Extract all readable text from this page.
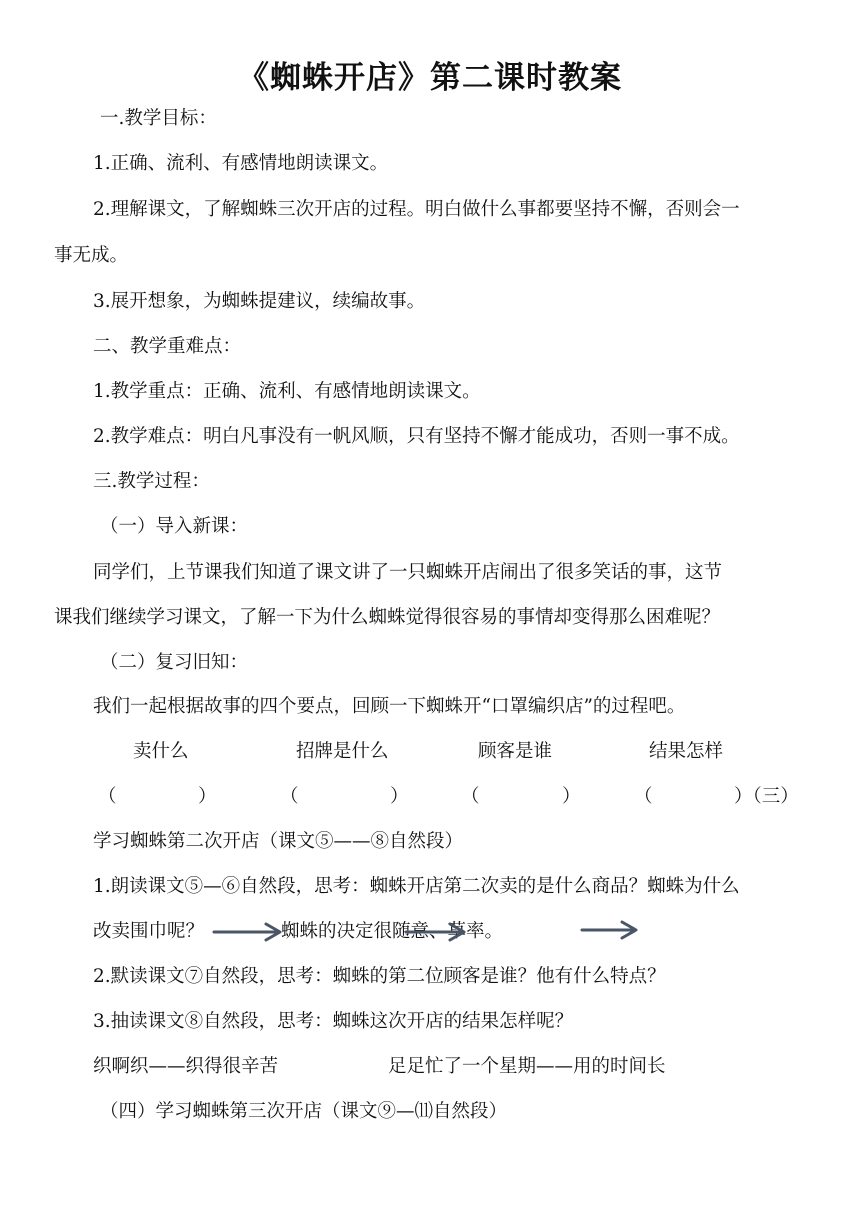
《蜘蛛开店》第二课时教案
一.教学目标：
1.正确、流利、有感情地朗读课文。
2.理解课文，了解蜘蛛三次开店的过程。明白做什么事都要坚持不懈，否则会一
事无成。
3.展开想象，为蜘蛛提建议，续编故事。
二、教学重难点：
1.教学重点：正确、流利、有感情地朗读课文。
2.教学难点：明白凡事没有一帆风顺，只有坚持不懈才能成功，否则一事不成。
三.教学过程：
（一）导入新课：
同学们，上节课我们知道了课文讲了一只蜘蛛开店闹出了很多笑话的事，这节
课我们继续学习课文，了解一下为什么蜘蛛觉得很容易的事情却变得那么困难呢？
（二）复习旧知：
我们一起根据故事的四个要点，回顾一下蜘蛛开“口罩编织店”的过程吧。
卖什么	招牌是什么	顾客是谁	结果怎样
（	）	（	）	（	）	（	）（三）
学习蜘蛛第二次开店（课文⑤——⑧自然段）
1.朗读课文⑤—⑥自然段，思考：蜘蛛开店第二次卖的是什么商品？蜘蛛为什么
改卖围巾呢？	蜘蛛的决定很随意、草率。
2.默读课文⑦自然段，思考：蜘蛛的第二位顾客是谁？他有什么特点？
3.抽读课文⑧自然段，思考：蜘蛛这次开店的结果怎样呢？
织啊织——织得很辛苦	足足忙了一个星期——用的时间长
（四）学习蜘蛛第三次开店（课文⑨—⑾自然段）
